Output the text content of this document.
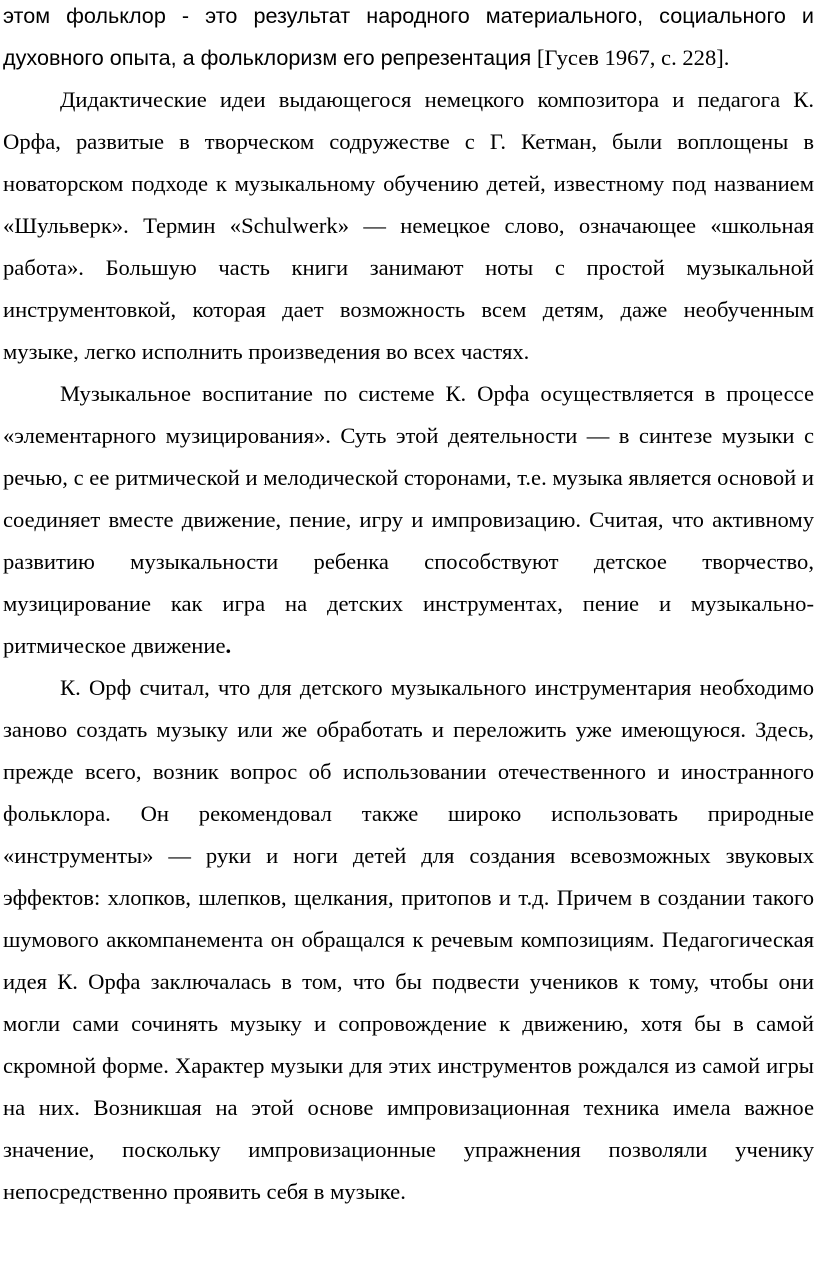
этом фольклор - это результат народного материального, социального и духовного опыта, а фольклоризм его репрезентация [Гусев 1967, с. 228].

Дидактические идеи выдающегося немецкого композитора и педагога К. Орфа, развитые в творческом содружестве с Г. Кетман, были воплощены в новаторском подходе к музыкальному обучению детей, известному под названием «Шульверк». Термин «Schulwerk» — немецкое слово, означающее «школьная работа». Большую часть книги занимают ноты с простой музыкальной инструментовкой, которая дает возможность всем детям, даже необученным музыке, легко исполнить произведения во всех частях.

Музыкальное воспитание по системе К. Орфа осуществляется в процессе «элементарного музицирования». Суть этой деятельности — в синтезе музыки с речью, с ее ритмической и мелодической сторонами, т.е. музыка является основой и соединяет вместе движение, пение, игру и импровизацию. Считая, что активному развитию музыкальности ребенка способствуют детское творчество, музицирование как игра на детских инструментах, пение и музыкально-ритмическое движение.

К. Орф считал, что для детского музыкального инструментария необходимо заново создать музыку или же обработать и переложить уже имеющуюся. Здесь, прежде всего, возник вопрос об использовании отечественного и иностранного фольклора. Он рекомендовал также широко использовать природные «инструменты» — руки и ноги детей для создания всевозможных звуковых эффектов: хлопков, шлепков, щелкания, притопов и т.д. Причем в создании такого шумового аккомпанемента он обращался к речевым композициям. Педагогическая идея К. Орфа заключалась в том, что бы подвести учеников к тому, чтобы они могли сами сочинять музыку и сопровождение к движению, хотя бы в самой скромной форме. Характер музыки для этих инструментов рождался из самой игры на них. Возникшая на этой основе импровизационная техника имела важное значение, поскольку импровизационные упражнения позволяли ученику непосредственно проявить себя в музыке.
